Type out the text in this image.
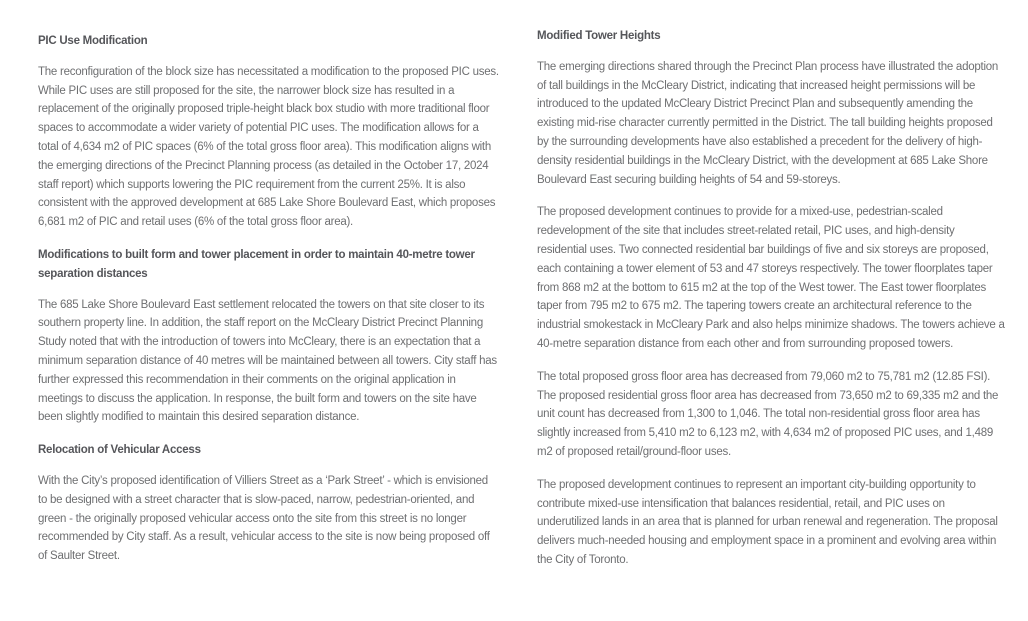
PIC Use Modification

The reconfiguration of the block size has necessitated a modification to the proposed PIC uses. While PIC uses are still proposed for the site, the narrower block size has resulted in a replacement of the originally proposed triple-height black box studio with more traditional floor spaces to accommodate a wider variety of potential PIC uses. The modification allows for a total of 4,634 m2 of PIC spaces (6% of the total gross floor area). This modification aligns with the emerging directions of the Precinct Planning process (as detailed in the October 17, 2024 staff report) which supports lowering the PIC requirement from the current 25%. It is also consistent with the approved development at 685 Lake Shore Boulevard East, which proposes 6,681 m2 of PIC and retail uses (6% of the total gross floor area).

Modifications to built form and tower placement in order to maintain 40-metre tower separation distances

The 685 Lake Shore Boulevard East settlement relocated the towers on that site closer to its southern property line. In addition, the staff report on the McCleary District Precinct Planning Study noted that with the introduction of towers into McCleary, there is an expectation that a minimum separation distance of 40 metres will be maintained between all towers. City staff has further expressed this recommendation in their comments on the original application in meetings to discuss the application. In response, the built form and towers on the site have been slightly modified to maintain this desired separation distance.

Relocation of Vehicular Access

With the City’s proposed identification of Villiers Street as a ‘Park Street’ - which is envisioned to be designed with a street character that is slow-paced, narrow, pedestrian-oriented, and green - the originally proposed vehicular access onto the site from this street is no longer recommended by City staff. As a result, vehicular access to the site is now being proposed off of Saulter Street.

Modified Tower Heights

The emerging directions shared through the Precinct Plan process have illustrated the adoption of tall buildings in the McCleary District, indicating that increased height permissions will be introduced to the updated McCleary District Precinct Plan and subsequently amending the existing mid-rise character currently permitted in the District. The tall building heights proposed by the surrounding developments have also established a precedent for the delivery of high-density residential buildings in the McCleary District, with the development at 685 Lake Shore Boulevard East securing building heights of 54 and 59-storeys.

The proposed development continues to provide for a mixed-use, pedestrian-scaled redevelopment of the site that includes street-related retail, PIC uses, and high-density residential uses. Two connected residential bar buildings of five and six storeys are proposed, each containing a tower element of 53 and 47 storeys respectively. The tower floorplates taper from 868 m2 at the bottom to 615 m2 at the top of the West tower. The East tower floorplates taper from 795 m2 to 675 m2. The tapering towers create an architectural reference to the industrial smokestack in McCleary Park and also helps minimize shadows. The towers achieve a 40-metre separation distance from each other and from surrounding proposed towers.

The total proposed gross floor area has decreased from 79,060 m2 to 75,781 m2 (12.85 FSI). The proposed residential gross floor area has decreased from 73,650 m2 to 69,335 m2 and the unit count has decreased from 1,300 to 1,046. The total non-residential gross floor area has slightly increased from 5,410 m2 to 6,123 m2, with 4,634 m2 of proposed PIC uses, and 1,489 m2 of proposed retail/ground-floor uses.

The proposed development continues to represent an important city-building opportunity to contribute mixed-use intensification that balances residential, retail, and PIC uses on underutilized lands in an area that is planned for urban renewal and regeneration. The proposal delivers much-needed housing and employment space in a prominent and evolving area within the City of Toronto.
